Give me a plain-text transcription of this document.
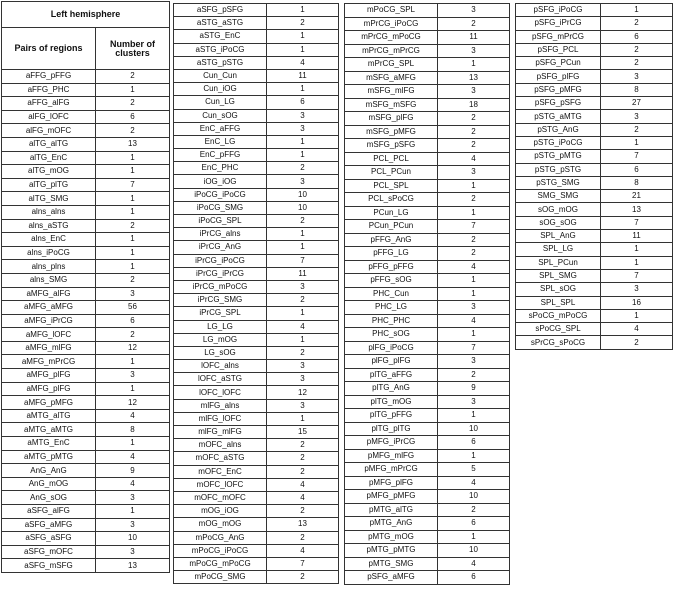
Left hemisphere	
Pairs of regions	Number of clusters
aFFG_pFFG	2
aFFG_PHC	1
aFFG_alFG	2
alFG_lOFC	6
alFG_mOFC	2
alTG_alTG	13
alTG_EnC	1
alTG_mOG	1
alTG_plTG	7
alTG_SMG	1
alns_alns	1
alns_aSTG	2
alns_EnC	1
alns_iPoCG	1
alns_plns	1
alns_SMG	2
aMFG_alFG	3
aMFG_aMFG	56
aMFG_iPrCG	6
aMFG_lOFC	2
aMFG_mlFG	12
aMFG_mPrCG	1
aMFG_plFG	3
aMFG_plFG	1
aMFG_pMFG	12
aMTG_alTG	4
aMTG_aMTG	8
aMTG_EnC	1
aMTG_pMTG	4
AnG_AnG	9
AnG_mOG	4
AnG_sOG	3
aSFG_alFG	1
aSFG_aMFG	3
aSFG_aSFG	10
aSFG_mOFC	3
aSFG_mSFG	13
aSFG_pSFG	1
aSTG_aSTG	2
aSTG_EnC	1
aSTG_iPoCG	1
aSTG_pSTG	4
Cun_Cun	11
Cun_iOG	1
Cun_LG	6
Cun_sOG	3
EnC_aFFG	3
EnC_LG	1
EnC_pFFG	1
EnC_PHC	2
iOG_iOG	3
iPoCG_iPoCG	10
iPoCG_SMG	10
iPoCG_SPL	2
iPrCG_alns	1
iPrCG_AnG	1
iPrCG_iPoCG	7
iPrCG_iPrCG	11
iPrCG_mPoCG	3
iPrCG_SMG	2
iPrCG_SPL	1
LG_LG	4
LG_mOG	1
LG_sOG	2
lOFC_alns	3
lOFC_aSTG	3
lOFC_lOFC	12
mlFG_alns	3
mlFG_lOFC	1
mlFG_mlFG	15
mOFC_alns	2
mOFC_aSTG	2
mOFC_EnC	2
mOFC_lOFC	4
mOFC_mOFC	4
mOG_iOG	2
mOG_mOG	13
mPoCG_AnG	2
mPoCG_iPoCG	4
mPoCG_mPoCG	7
mPoCG_SMG	2
mPoCG_SPL	3
mPrCG_iPoCG	2
mPrCG_mPoCG	11
mPrCG_mPrCG	3
mPrCG_SPL	1
mSFG_aMFG	13
mSFG_mlFG	3
mSFG_mSFG	18
mSFG_plFG	2
mSFG_pMFG	2
mSFG_pSFG	2
PCL_PCL	4
PCL_PCun	3
PCL_SPL	1
PCL_sPoCG	2
PCun_LG	1
PCun_PCun	7
pFFG_AnG	2
pFFG_LG	2
pFFG_pFFG	4
pFFG_sOG	1
PHC_Cun	1
PHC_LG	3
PHC_PHC	4
PHC_sOG	1
plFG_iPoCG	7
plFG_plFG	3
plTG_aFFG	2
plTG_AnG	9
plTG_mOG	3
plTG_pFFG	1
plTG_plTG	10
pMFG_iPrCG	6
pMFG_mlFG	1
pMFG_mPrCG	5
pMFG_plFG	4
pMFG_pMFG	10
pMTG_alTG	2
pMTG_AnG	6
pMTG_mOG	1
pMTG_pMTG	10
pMTG_SMG	4
pSFG_aMFG	6
pSFG_iPoCG	1
pSFG_iPrCG	2
pSFG_mPrCG	6
pSFG_PCL	2
pSFG_PCun	2
pSFG_plFG	3
pSFG_pMFG	8
pSFG_pSFG	27
pSTG_aMTG	3
pSTG_AnG	2
pSTG_iPoCG	1
pSTG_pMTG	7
pSTG_pSTG	6
pSTG_SMG	8
SMG_SMG	21
sOG_mOG	13
sOG_sOG	7
SPL_AnG	11
SPL_LG	1
SPL_PCun	1
SPL_SMG	7
SPL_sOG	3
SPL_SPL	16
sPoCG_mPoCG	1
sPoCG_SPL	4
sPrCG_sPoCG	2
